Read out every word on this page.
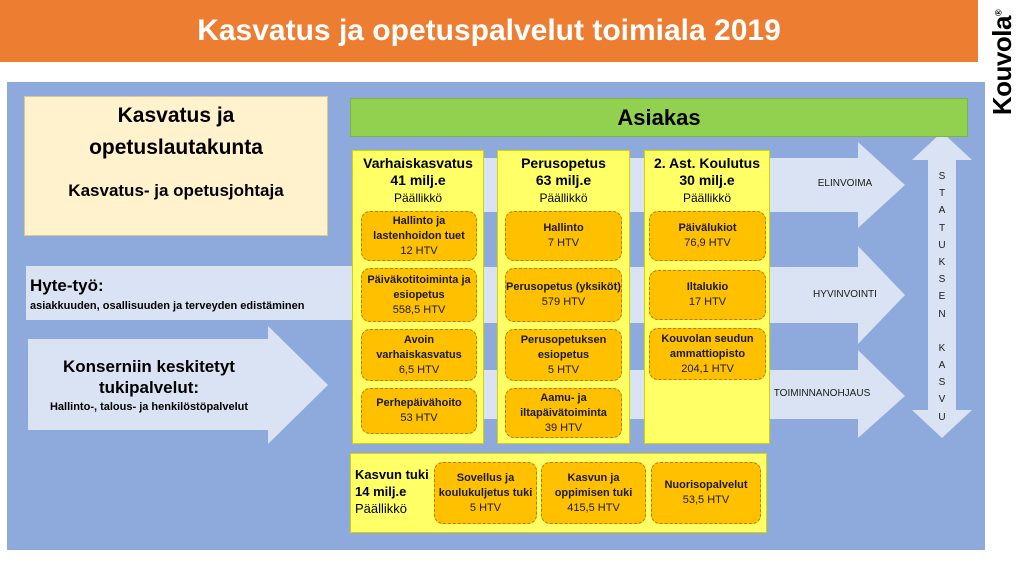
Kasvatus ja opetuspalvelut toimiala 2019	Kouvola®
Kasvatus ja
opetuslautakunta
Kasvatus- ja opetusjohtaja
Hyte-työ:
asiakkuuden, osallisuuden ja terveyden edistäminen
Konserniin keskitetyt
tukipalvelut:
Hallinto-, talous- ja henkilöstöpalvelut
Asiakas
Varhaiskasvatus
41 milj.e
Päällikkö
Hallinto ja lastenhoidon tuet
12 HTV
Päiväkotitoiminta ja esiopetus
558,5 HTV
Avoin varhaiskasvatus
6,5 HTV
Perhepäivähoito
53 HTV
Perusopetus
63 milj.e
Päällikkö
Hallinto
7 HTV
Perusopetus (yksiköt)
579 HTV
Perusopetuksen esiopetus
5 HTV
Aamu- ja iltapäivätoiminta
39 HTV
2. Ast. Koulutus
30 milj.e
Päällikkö
Päivälukiot
76,9 HTV
Iltalukio
17 HTV
Kouvolan seudun ammattiopisto
204,1 HTV
Kasvun tuki
14 milj.e
Päällikkö
Sovellus ja koulukuljetus tuki
5 HTV
Kasvun ja oppimisen tuki
415,5 HTV
Nuorisopalvelut
53,5 HTV
ELINVOIMA
HYVINVOINTI
TOIMINNANOHJAUS
S
T
A
T
U
K
S
E
N
K
A
S
V
U
